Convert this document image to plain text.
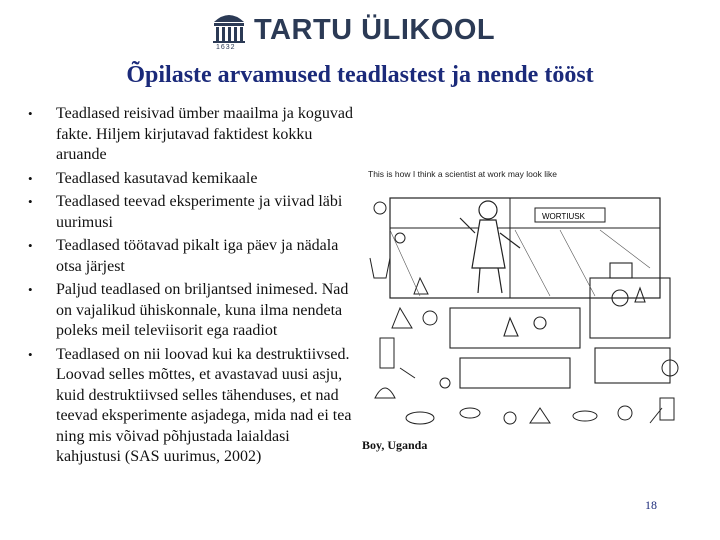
1632
TARTU ÜLIKOOL
Õpilaste arvamused teadlastest ja nende tööst
• Teadlased reisivad ümber maailma ja koguvad fakte. Hiljem kirjutavad faktidest kokku aruande
• Teadlased kasutavad kemikaale
• Teadlased teevad eksperimente ja viivad läbi uurimusi
• Teadlased töötavad pikalt iga päev ja nädala otsa järjest
• Paljud teadlased on briljantsed inimesed. Nad on vajalikud ühiskonnale, kuna ilma nendeta poleks meil televiisorit ega raadiot
• Teadlased on nii loovad kui ka destruktiivsed. Loovad selles mõttes, et avastavad uusi asju, kuid destruktiivsed selles tähenduses, et nad teevad eksperimente asjadega, mida nad ei tea ning mis võivad põhjustada laialdasi kahjustusi (SAS uurimus, 2002)
WORTIUSK
This is how I think a scientist at work may look like
Boy, Uganda
18
